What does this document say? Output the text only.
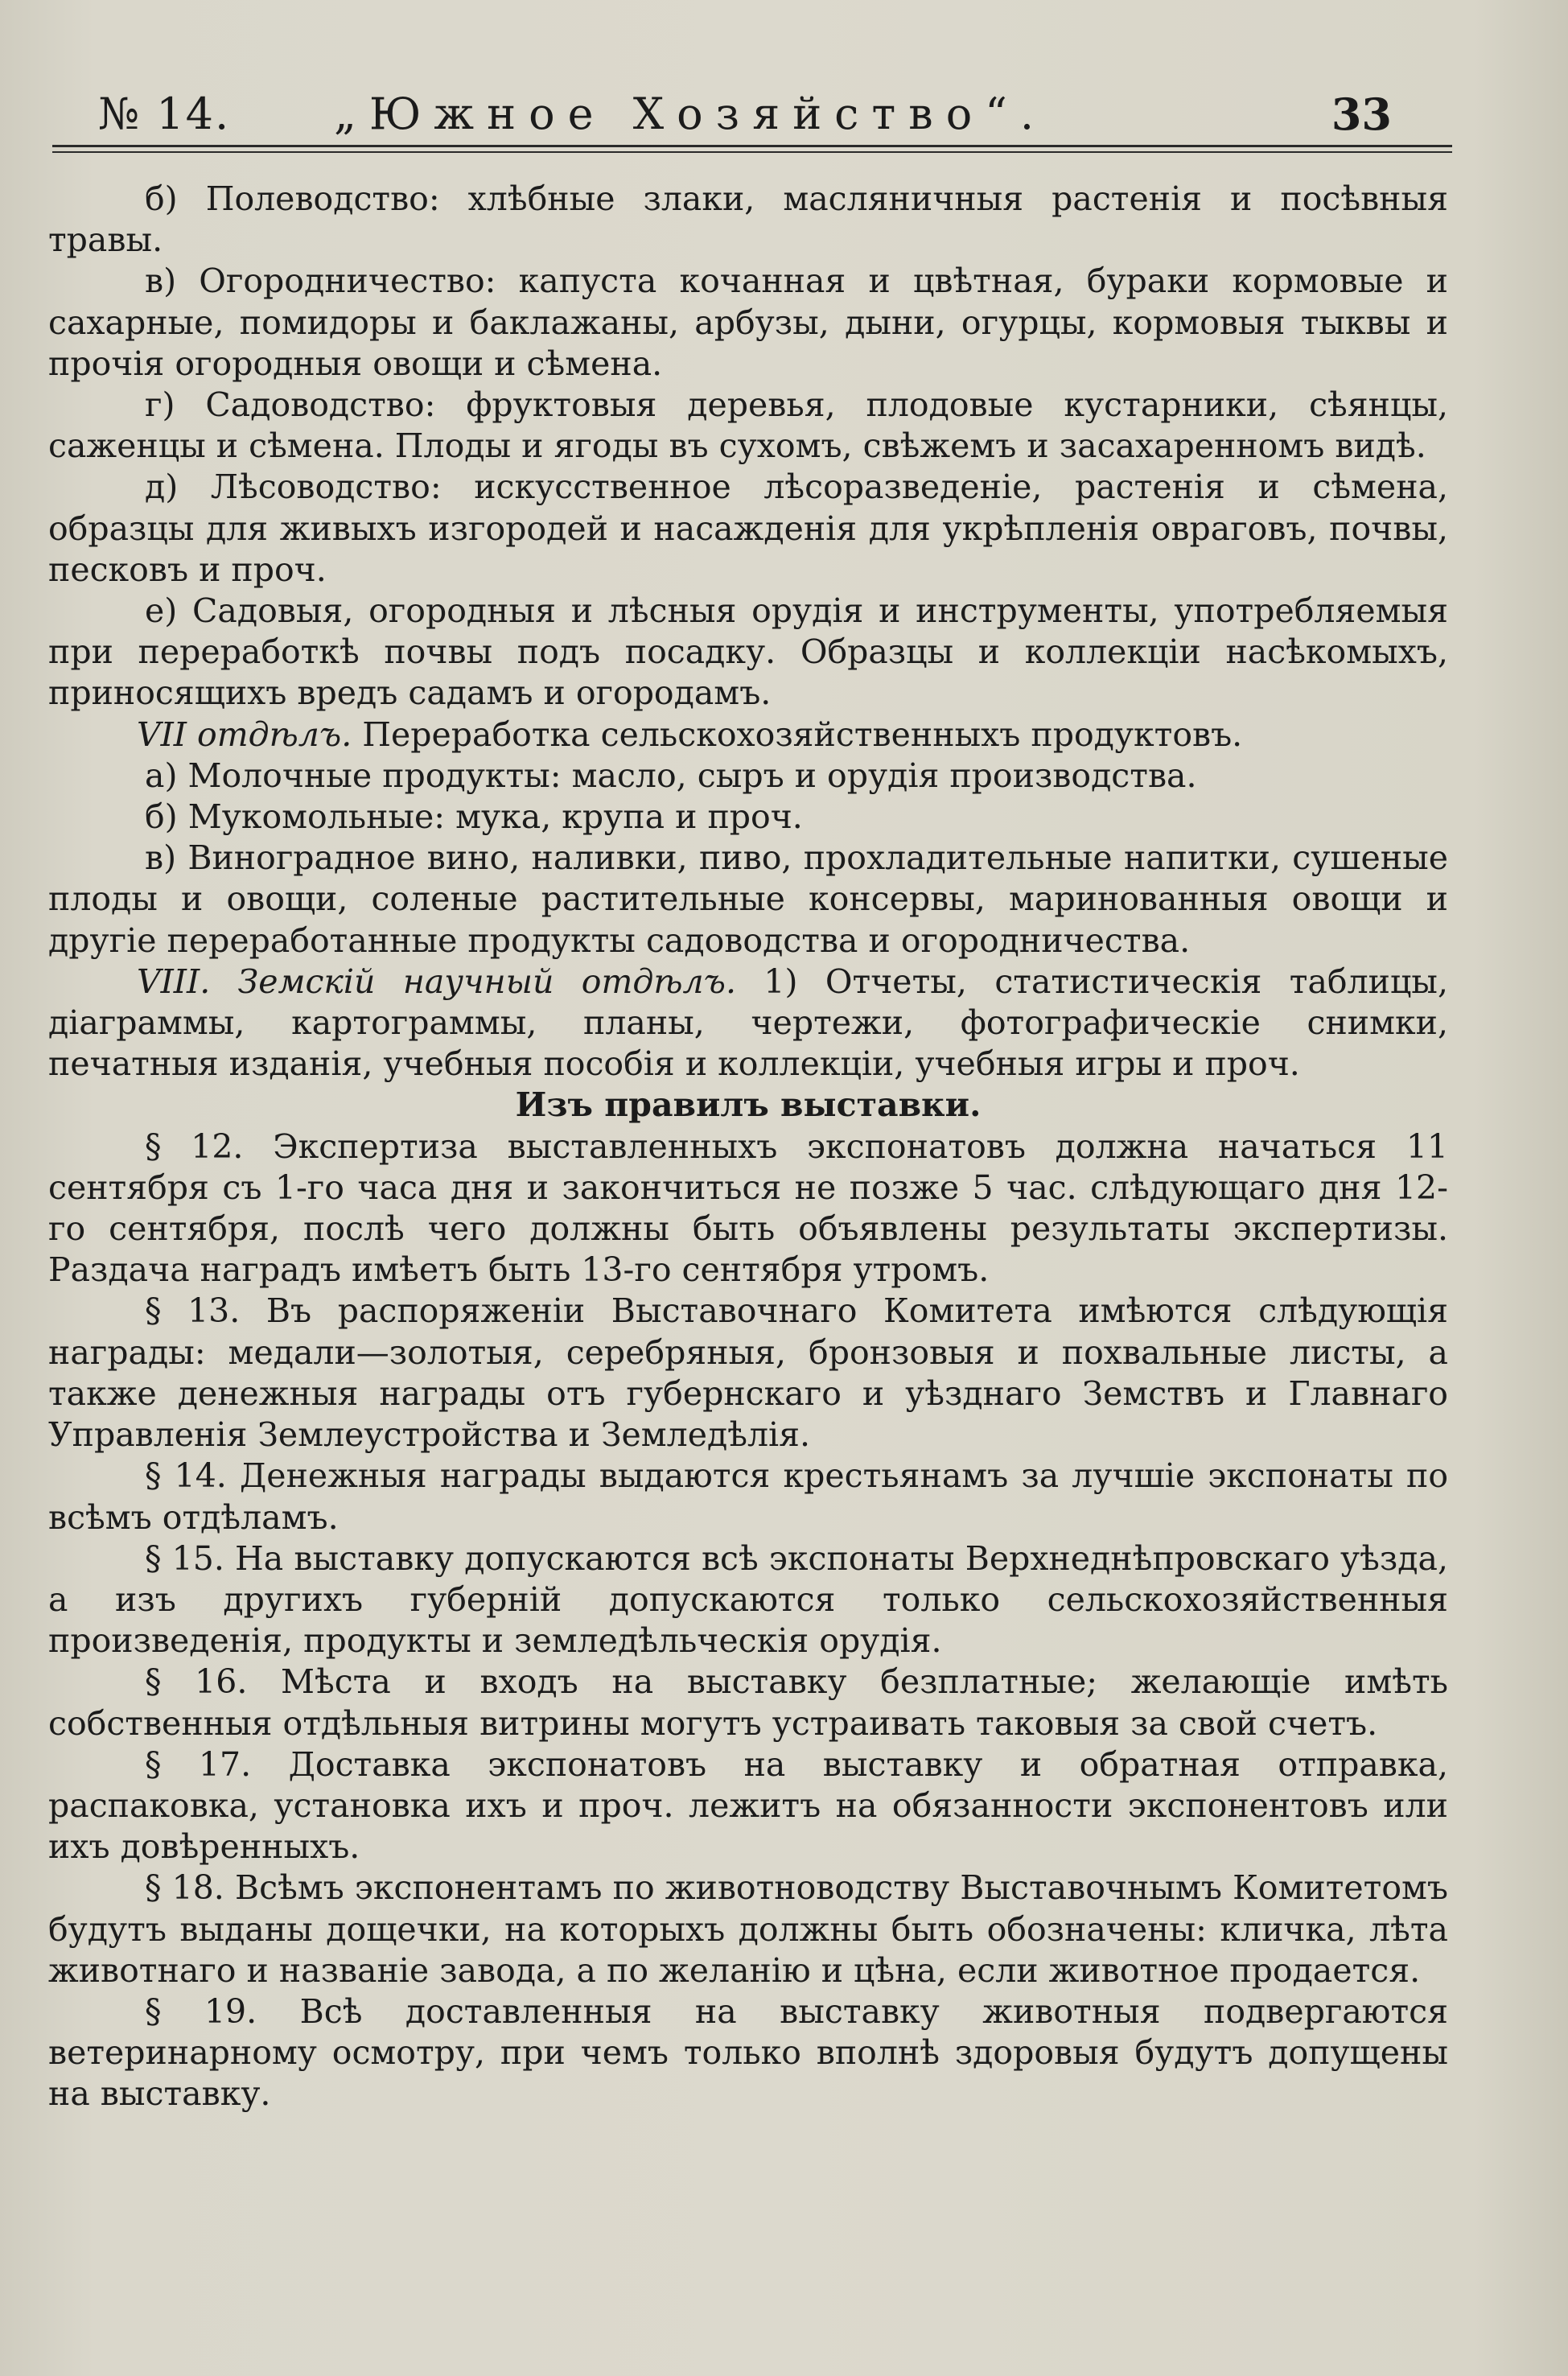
№ 14. „Южное Хозяйство“.	33

б) Полеводство: хлѣбные злаки, масляничныя растенія и посѣвныя травы.

в) Огородничество: капуста кочанная и цвѣтная, бураки кормовые и сахарные, помидоры и баклажаны, арбузы, дыни, огурцы, кормовыя тыквы и прочія огородныя овощи и сѣмена.

г) Садоводство: фруктовыя деревья, плодовые кустарники, сѣянцы, саженцы и сѣмена. Плоды и ягоды въ сухомъ, свѣжемъ и засахаренномъ видѣ.

д) Лѣсоводство: искусственное лѣсоразведеніе, растенія и сѣмена, образцы для живыхъ изгородей и насажденія для укрѣпленія овраговъ, почвы, песковъ и проч.

е) Садовыя, огородныя и лѣсныя орудія и инструменты, употребляемыя при переработкѣ почвы подъ посадку. Образцы и коллекціи насѣкомыхъ, приносящихъ вредъ садамъ и огородамъ.

VII отдѣлъ. Переработка сельскохозяйственныхъ продуктовъ.

а) Молочные продукты: масло, сыръ и орудія производства.

б) Мукомольные: мука, крупа и проч.

в) Виноградное вино, наливки, пиво, прохладительные напитки, сушеные плоды и овощи, соленые растительные консервы, маринованныя овощи и другіе переработанные продукты садоводства и огородничества.

VIII. Земскій научный отдѣлъ. 1) Отчеты, статистическія таблицы, діаграммы, картограммы, планы, чертежи, фотографическіе снимки, печатныя изданія, учебныя пособія и коллекціи, учебныя игры и проч.

Изъ правилъ выставки.

§ 12. Экспертиза выставленныхъ экспонатовъ должна начаться 11 сентября съ 1-го часа дня и закончиться не позже 5 час. слѣдующаго дня 12-го сентября, послѣ чего должны быть объявлены результаты экспертизы. Раздача наградъ имѣетъ быть 13-го сентября утромъ.

§ 13. Въ распоряженіи Выставочнаго Комитета имѣются слѣдующія награды: медали—золотыя, серебряныя, бронзовыя и похвальные листы, а также денежныя награды отъ губернскаго и уѣзднаго Земствъ и Главнаго Управленія Землеустройства и Земледѣлія.

§ 14. Денежныя награды выдаются крестьянамъ за лучшіе экспонаты по всѣмъ отдѣламъ.

§ 15. На выставку допускаются всѣ экспонаты Верхнеднѣпровскаго уѣзда, а изъ другихъ губерній допускаются только сельскохозяйственныя произведенія, продукты и земледѣльческія орудія.

§ 16. Мѣста и входъ на выставку безплатные; желающіе имѣть собственныя отдѣльныя витрины могутъ устраивать таковыя за свой счетъ.

§ 17. Доставка экспонатовъ на выставку и обратная отправка, распаковка, установка ихъ и проч. лежитъ на обязанности экспонентовъ или ихъ довѣренныхъ.

§ 18. Всѣмъ экспонентамъ по животноводству Выставочнымъ Комитетомъ будутъ выданы дощечки, на которыхъ должны быть обозначены: кличка, лѣта животнаго и названіе завода, а по желанію и цѣна, если животное продается.

§ 19. Всѣ доставленныя на выставку животныя подвергаются ветеринарному осмотру, при чемъ только вполнѣ здоровыя будутъ допущены на выставку.
